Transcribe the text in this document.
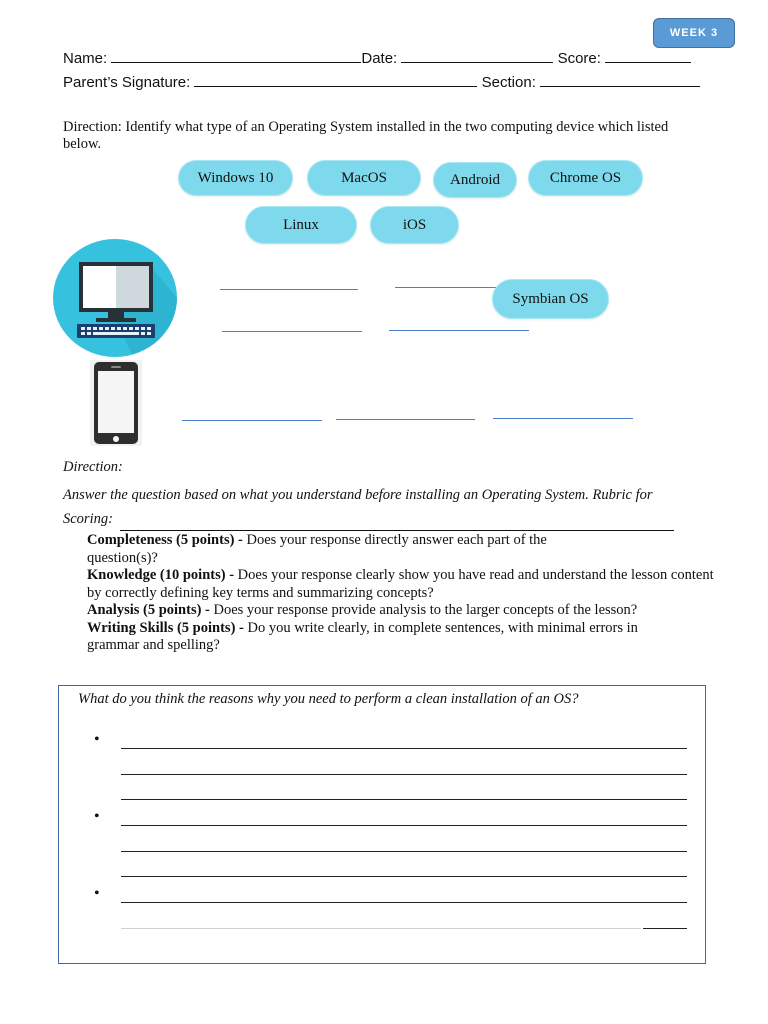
WEEK 3
Name:	Date:	Score:
Parent’s Signature:	Section:
Direction: Identify what type of an Operating System installed in the two computing device which listed below.
Windows 10	MacOS	Android	Chrome OS
Linux	iOS
Symbian OS
Direction:
Answer the question based on what you understand before installing an Operating System. Rubric for Scoring:
Completeness (5 points) - Does your response directly answer each part of the question(s)?
Knowledge (10 points) - Does your response clearly show you have read and understand the lesson content by correctly defining key terms and summarizing concepts?
Analysis (5 points) - Does your response provide analysis to the larger concepts of the lesson?
Writing Skills (5 points) - Do you write clearly, in complete sentences, with minimal errors in grammar and spelling?
What do you think the reasons why you need to perform a clean installation of an OS?
•
•
•
